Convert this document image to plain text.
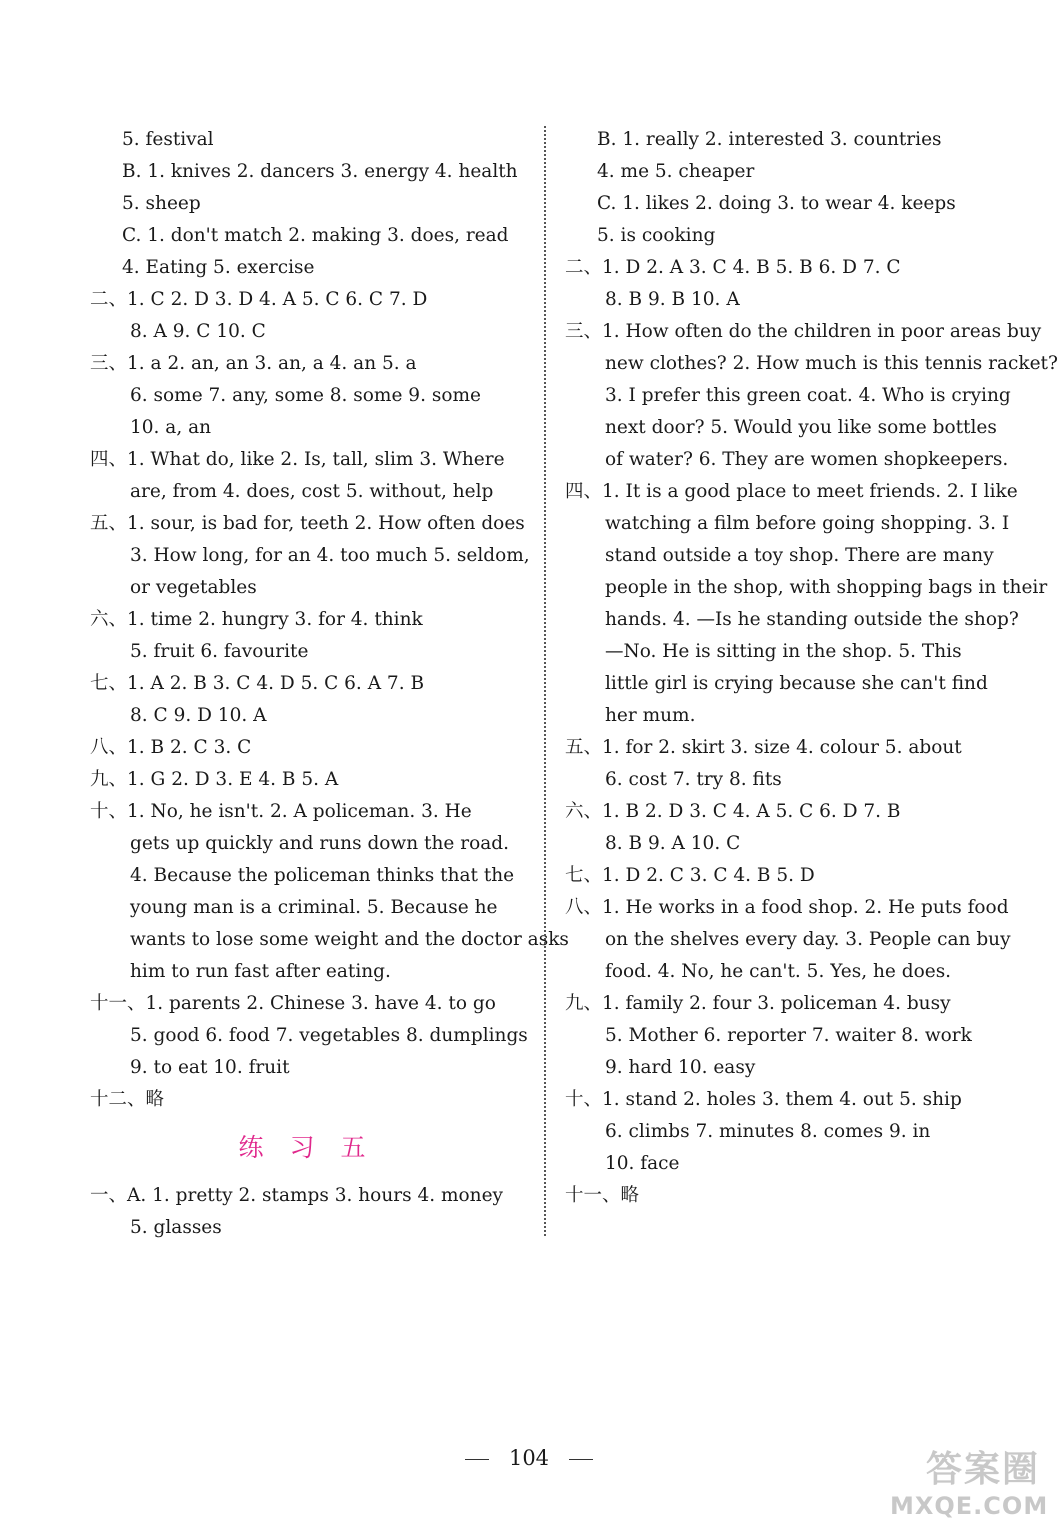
5. festival
B. 1. knives 2. dancers 3. energy 4. health
5. sheep
C. 1. don't match 2. making 3. does, read
4. Eating 5. exercise
二、1. C 2. D 3. D 4. A 5. C 6. C 7. D
8. A 9. C 10. C
三、1. a 2. an, an 3. an, a 4. an 5. a
6. some 7. any, some 8. some 9. some
10. a, an
四、1. What do, like 2. Is, tall, slim 3. Where
are, from 4. does, cost 5. without, help
五、1. sour, is bad for, teeth 2. How often does
3. How long, for an 4. too much 5. seldom,
or vegetables
六、1. time 2. hungry 3. for 4. think
5. fruit 6. favourite
七、1. A 2. B 3. C 4. D 5. C 6. A 7. B
8. C 9. D 10. A
八、1. B 2. C 3. C
九、1. G 2. D 3. E 4. B 5. A
十、1. No, he isn't. 2. A policeman. 3. He
gets up quickly and runs down the road.
4. Because the policeman thinks that the
young man is a criminal. 5. Because he
wants to lose some weight and the doctor asks
him to run fast after eating.
十一、1. parents 2. Chinese 3. have 4. to go
5. good 6. food 7. vegetables 8. dumplings
9. to eat 10. fruit
十二、略
练习五
一、A. 1. pretty 2. stamps 3. hours 4. money
5. glasses
B. 1. really 2. interested 3. countries
4. me 5. cheaper
C. 1. likes 2. doing 3. to wear 4. keeps
5. is cooking
二、1. D 2. A 3. C 4. B 5. B 6. D 7. C
8. B 9. B 10. A
三、1. How often do the children in poor areas buy
new clothes? 2. How much is this tennis racket?
3. I prefer this green coat. 4. Who is crying
next door? 5. Would you like some bottles
of water? 6. They are women shopkeepers.
四、1. It is a good place to meet friends. 2. I like
watching a film before going shopping. 3. I
stand outside a toy shop. There are many
people in the shop, with shopping bags in their
hands. 4. —Is he standing outside the shop?
—No. He is sitting in the shop. 5. This
little girl is crying because she can't find
her mum.
五、1. for 2. skirt 3. size 4. colour 5. about
6. cost 7. try 8. fits
六、1. B 2. D 3. C 4. A 5. C 6. D 7. B
8. B 9. A 10. C
七、1. D 2. C 3. C 4. B 5. D
八、1. He works in a food shop. 2. He puts food
on the shelves every day. 3. People can buy
food. 4. No, he can't. 5. Yes, he does.
九、1. family 2. four 3. policeman 4. busy
5. Mother 6. reporter 7. waiter 8. work
9. hard 10. easy
十、1. stand 2. holes 3. them 4. out 5. ship
6. climbs 7. minutes 8. comes 9. in
10. face
十一、略
104	答案圈
MXQE.COM
